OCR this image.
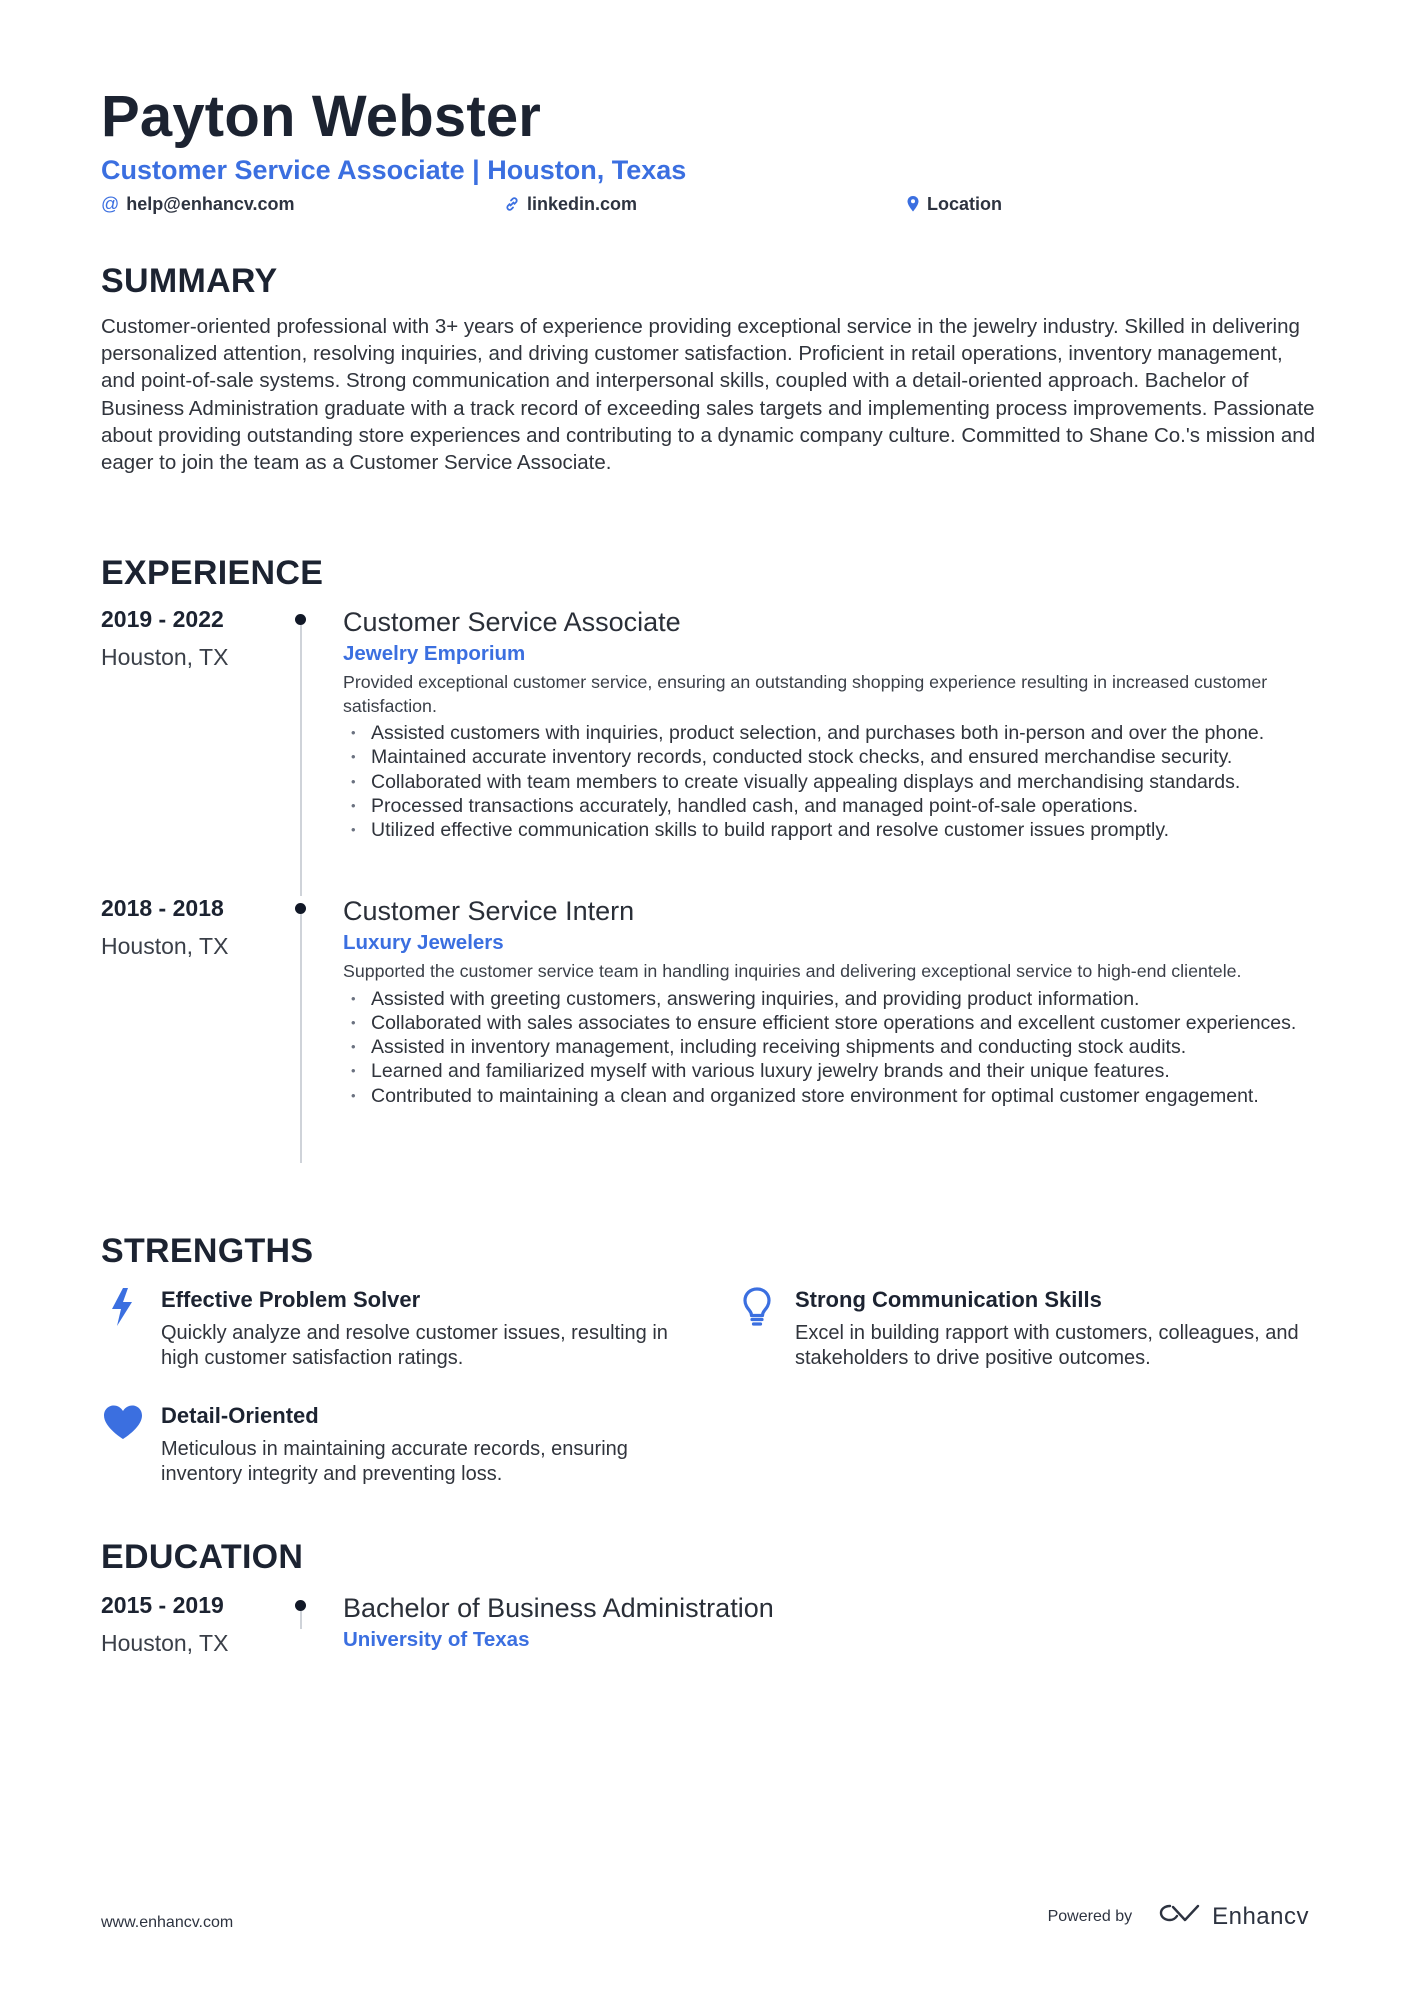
Payton Webster
Customer Service Associate | Houston, Texas
@ help@enhancv.com	linkedin.com	Location
SUMMARY
Customer-oriented professional with 3+ years of experience providing exceptional service in the jewelry industry. Skilled in delivering personalized attention, resolving inquiries, and driving customer satisfaction. Proficient in retail operations, inventory management, and point-of-sale systems. Strong communication and interpersonal skills, coupled with a detail-oriented approach. Bachelor of Business Administration graduate with a track record of exceeding sales targets and implementing process improvements. Passionate about providing outstanding store experiences and contributing to a dynamic company culture. Committed to Shane Co.'s mission and eager to join the team as a Customer Service Associate.
EXPERIENCE
2019 - 2022
Houston, TX
Customer Service Associate
Jewelry Emporium
Provided exceptional customer service, ensuring an outstanding shopping experience resulting in increased customer satisfaction.
• Assisted customers with inquiries, product selection, and purchases both in-person and over the phone.
• Maintained accurate inventory records, conducted stock checks, and ensured merchandise security.
• Collaborated with team members to create visually appealing displays and merchandising standards.
• Processed transactions accurately, handled cash, and managed point-of-sale operations.
• Utilized effective communication skills to build rapport and resolve customer issues promptly.
2018 - 2018
Houston, TX
Customer Service Intern
Luxury Jewelers
Supported the customer service team in handling inquiries and delivering exceptional service to high-end clientele.
• Assisted with greeting customers, answering inquiries, and providing product information.
• Collaborated with sales associates to ensure efficient store operations and excellent customer experiences.
• Assisted in inventory management, including receiving shipments and conducting stock audits.
• Learned and familiarized myself with various luxury jewelry brands and their unique features.
• Contributed to maintaining a clean and organized store environment for optimal customer engagement.
STRENGTHS
Effective Problem Solver
Quickly analyze and resolve customer issues, resulting in high customer satisfaction ratings.
Strong Communication Skills
Excel in building rapport with customers, colleagues, and stakeholders to drive positive outcomes.
Detail-Oriented
Meticulous in maintaining accurate records, ensuring inventory integrity and preventing loss.
EDUCATION
2015 - 2019
Houston, TX
Bachelor of Business Administration
University of Texas
www.enhancv.com	Powered by	Enhancv
